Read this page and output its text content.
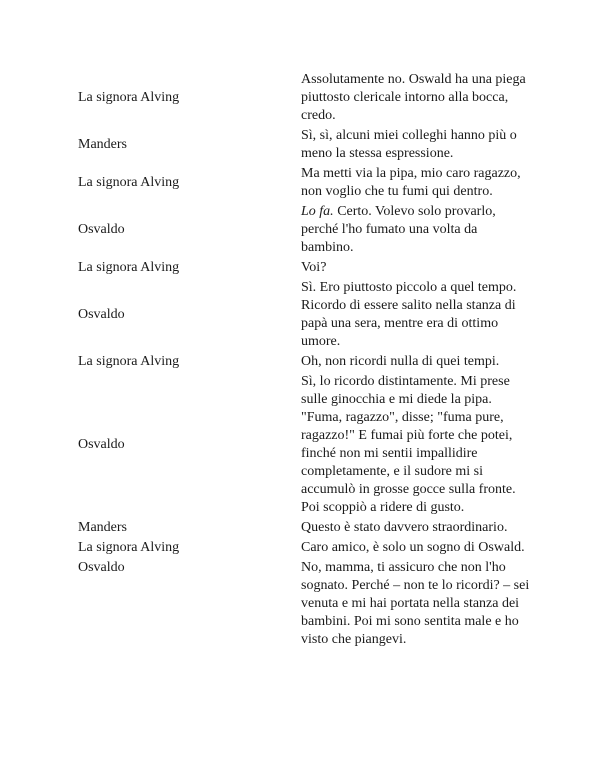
La signora Alving	Assolutamente no. Oswald ha una piega piuttosto clericale intorno alla bocca, credo.
Manders	Sì, sì, alcuni miei colleghi hanno più o meno la stessa espressione.
La signora Alving	Ma metti via la pipa, mio caro ragazzo, non voglio che tu fumi qui dentro.
Osvaldo	Lo fa. Certo. Volevo solo provarlo, perché l'ho fumato una volta da bambino.
La signora Alving	Voi?
Osvaldo	Sì. Ero piuttosto piccolo a quel tempo. Ricordo di essere salito nella stanza di papà una sera, mentre era di ottimo umore.
La signora Alving	Oh, non ricordi nulla di quei tempi.
Osvaldo	Sì, lo ricordo distintamente. Mi prese sulle ginocchia e mi diede la pipa. "Fuma, ragazzo", disse; "fuma pure, ragazzo!" E fumai più forte che potei, finché non mi sentii impallidire completamente, e il sudore mi si accumulò in grosse gocce sulla fronte. Poi scoppiò a ridere di gusto.
Manders	Questo è stato davvero straordinario.
La signora Alving	Caro amico, è solo un sogno di Oswald.
Osvaldo	No, mamma, ti assicuro che non l'ho sognato. Perché – non te lo ricordi? – sei venuta e mi hai portata nella stanza dei bambini. Poi mi sono sentita male e ho visto che piangevi.
